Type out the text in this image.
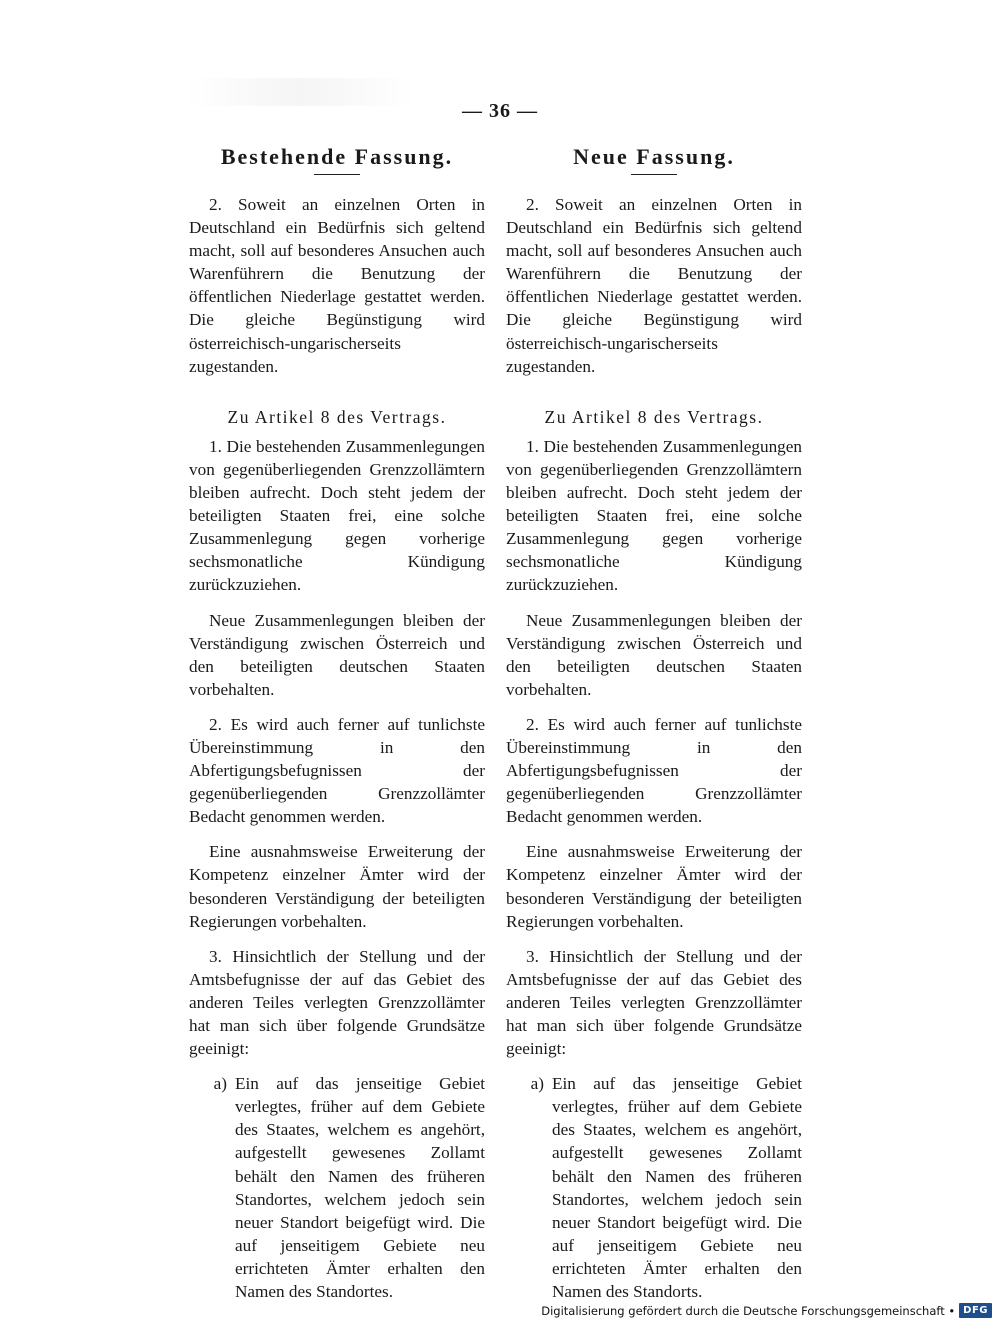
— 36 —
Bestehende Fassung.

2. Soweit an einzelnen Orten in Deutschland ein Bedürfnis sich geltend macht, soll auf besonderes Ansuchen auch Warenführern die Benutzung der öffentlichen Niederlage gestattet werden. Die gleiche Begünstigung wird österreichisch-ungarischerseits zugestanden.

Zu Artikel 8 des Vertrags.

1. Die bestehenden Zusammenlegungen von gegenüberliegenden Grenzzollämtern bleiben aufrecht. Doch steht jedem der beteiligten Staaten frei, eine solche Zusammenlegung gegen vorherige sechsmonatliche Kündigung zurückzuziehen.

Neue Zusammenlegungen bleiben der Verständigung zwischen Österreich und den beteiligten deutschen Staaten vorbehalten.

2. Es wird auch ferner auf tunlichste Übereinstimmung in den Abfertigungsbefugnissen der gegenüberliegenden Grenzzollämter Bedacht genommen werden.

Eine ausnahmsweise Erweiterung der Kompetenz einzelner Ämter wird der besonderen Verständigung der beteiligten Regierungen vorbehalten.

3. Hinsichtlich der Stellung und der Amtsbefugnisse der auf das Gebiet des anderen Teiles verlegten Grenzzollämter hat man sich über folgende Grundsätze geeinigt:

a) Ein auf das jenseitige Gebiet verlegtes, früher auf dem Gebiete des Staates, welchem es angehört, aufgestellt gewesenes Zollamt behält den Namen des früheren Standortes, welchem jedoch sein neuer Standort beigefügt wird. Die auf jenseitigem Gebiete neu errichteten Ämter erhalten den Namen des Standortes.
Neue Fassung.

2. Soweit an einzelnen Orten in Deutschland ein Bedürfnis sich geltend macht, soll auf besonderes Ansuchen auch Warenführern die Benutzung der öffentlichen Niederlage gestattet werden. Die gleiche Begünstigung wird österreichisch-ungarischerseits zugestanden.

Zu Artikel 8 des Vertrags.

1. Die bestehenden Zusammenlegungen von gegenüberliegenden Grenzzollämtern bleiben aufrecht. Doch steht jedem der beteiligten Staaten frei, eine solche Zusammenlegung gegen vorherige sechsmonatliche Kündigung zurückzuziehen.

Neue Zusammenlegungen bleiben der Verständigung zwischen Österreich und den beteiligten deutschen Staaten vorbehalten.

2. Es wird auch ferner auf tunlichste Übereinstimmung in den Abfertigungsbefugnissen der gegenüberliegenden Grenzzollämter Bedacht genommen werden.

Eine ausnahmsweise Erweiterung der Kompetenz einzelner Ämter wird der besonderen Verständigung der beteiligten Regierungen vorbehalten.

3. Hinsichtlich der Stellung und der Amtsbefugnisse der auf das Gebiet des anderen Teiles verlegten Grenzzollämter hat man sich über folgende Grundsätze geeinigt:

a) Ein auf das jenseitige Gebiet verlegtes, früher auf dem Gebiete des Staates, welchem es angehört, aufgestellt gewesenes Zollamt behält den Namen des früheren Standortes, welchem jedoch sein neuer Standort beigefügt wird. Die auf jenseitigem Gebiete neu errichteten Ämter erhalten den Namen des Standorts.
Digitalisierung gefördert durch die Deutsche Forschungsgemeinschaft • DFG
